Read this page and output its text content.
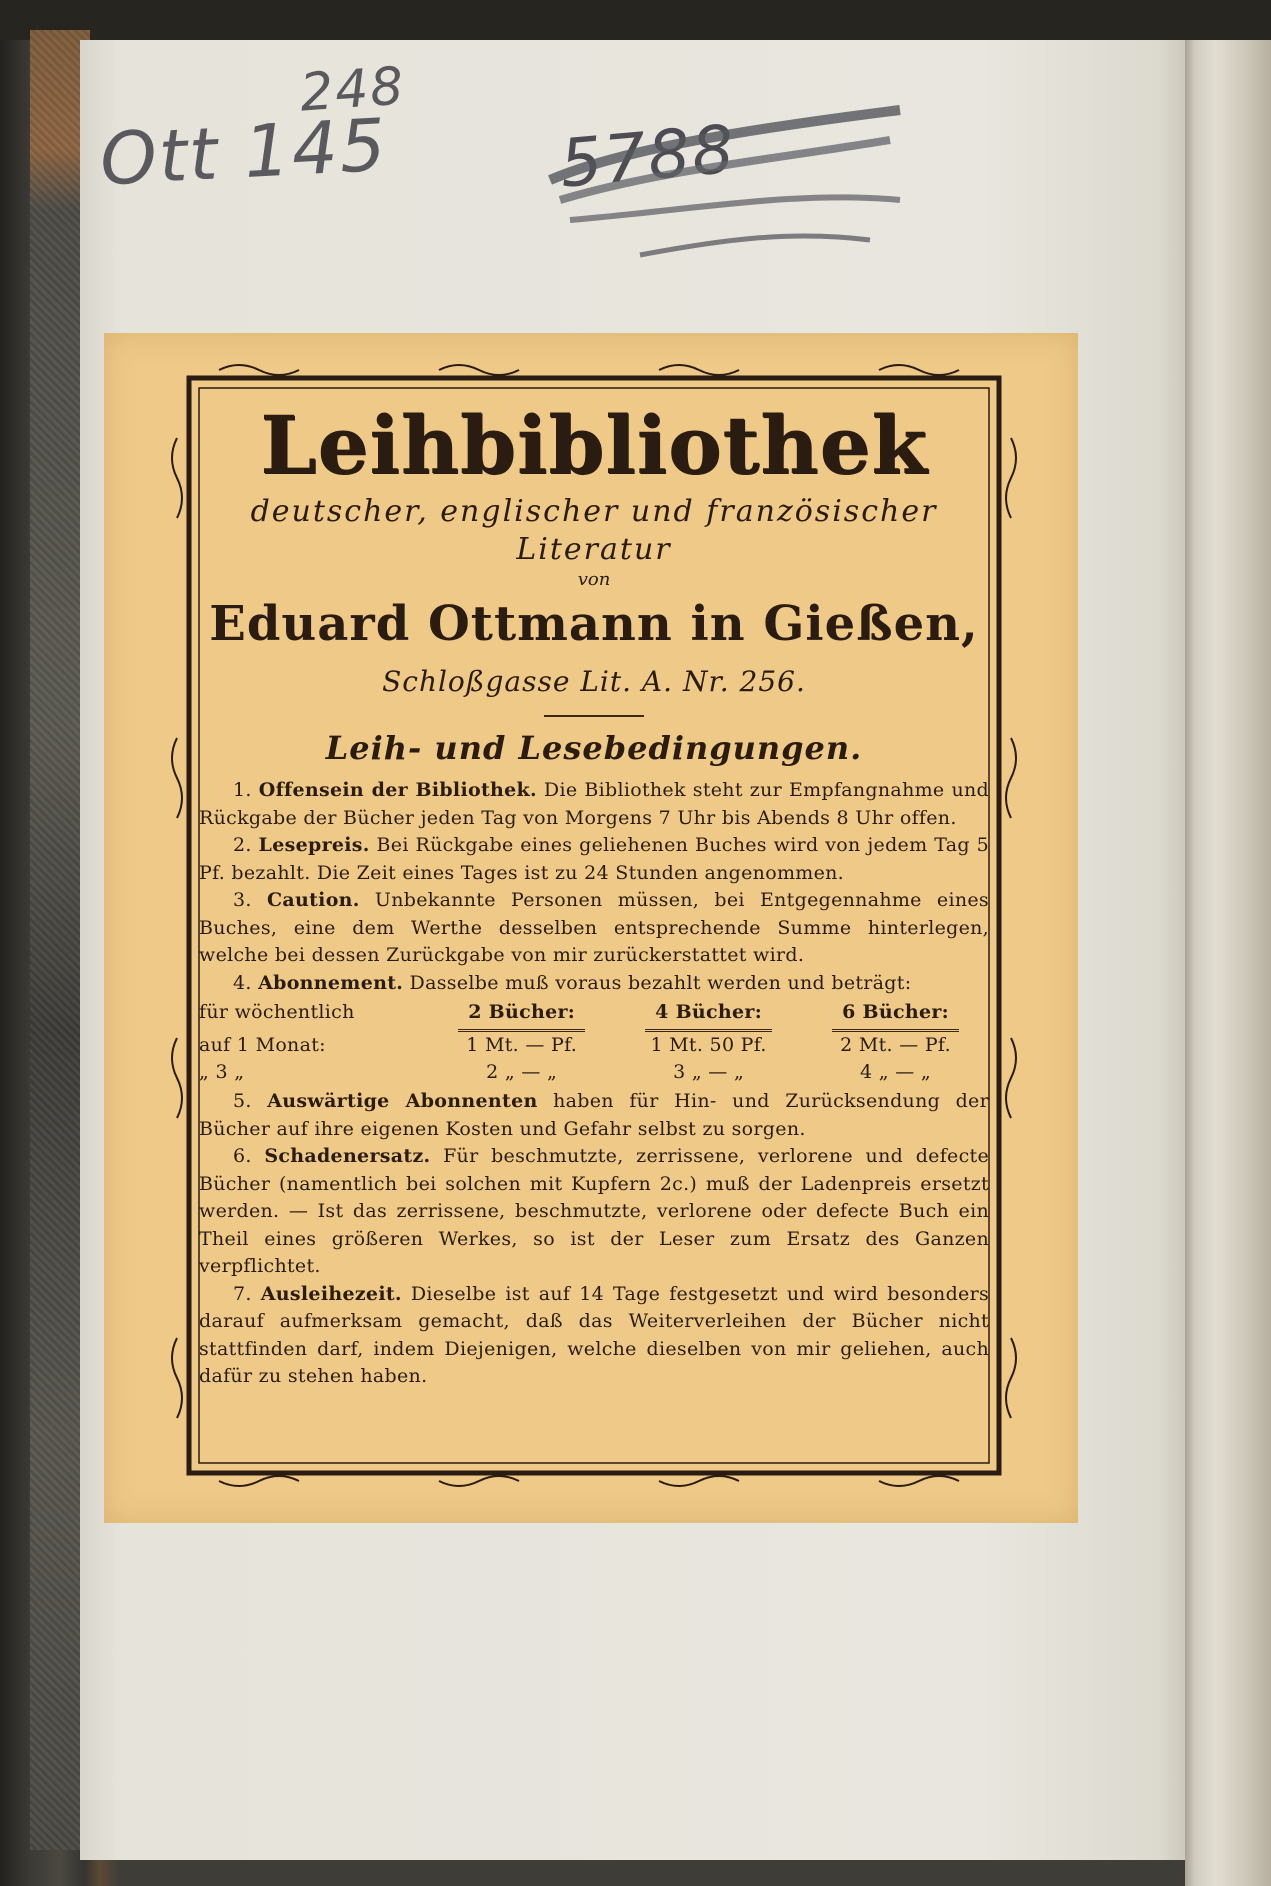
Ott 145
248
5788
Leihbibliothek
deutscher, englischer und französischer Literatur
von
Eduard Ottmann in Gießen,
Schloßgasse Lit. A. Nr. 256.
Leih- und Lesebedingungen.

1. Offensein der Bibliothek. Die Bibliothek steht zur Empfangnahme und Rückgabe der Bücher jeden Tag von Morgens 7 Uhr bis Abends 8 Uhr offen.

2. Lesepreis. Bei Rückgabe eines geliehenen Buches wird von jedem Tag 5 Pf. bezahlt. Die Zeit eines Tages ist zu 24 Stunden angenommen.

3. Caution. Unbekannte Personen müssen, bei Entgegennahme eines Buches, eine dem Werthe desselben entsprechende Summe hinterlegen, welche bei dessen Zurückgabe von mir zurückerstattet wird.

4. Abonnement. Dasselbe muß voraus bezahlt werden und beträgt:

für wöchentlich	2 Bücher:	4 Bücher:	6 Bücher:
auf 1 Monat:	1 Mt. — Pf.	1 Mt. 50 Pf.	2 Mt. — Pf.
„ 3 „	2 „ — „	3 „ — „	4 „ — „

5. Auswärtige Abonnenten haben für Hin- und Zurücksendung der Bücher auf ihre eigenen Kosten und Gefahr selbst zu sorgen.

6. Schadenersatz. Für beschmutzte, zerrissene, verlorene und defecte Bücher (namentlich bei solchen mit Kupfern 2c.) muß der Ladenpreis ersetzt werden. — Ist das zerrissene, beschmutzte, verlorene oder defecte Buch ein Theil eines größeren Werkes, so ist der Leser zum Ersatz des Ganzen verpflichtet.

7. Ausleihezeit. Dieselbe ist auf 14 Tage festgesetzt und wird besonders darauf aufmerksam gemacht, daß das Weiterverleihen der Bücher nicht stattfinden darf, indem Diejenigen, welche dieselben von mir geliehen, auch dafür zu stehen haben.
